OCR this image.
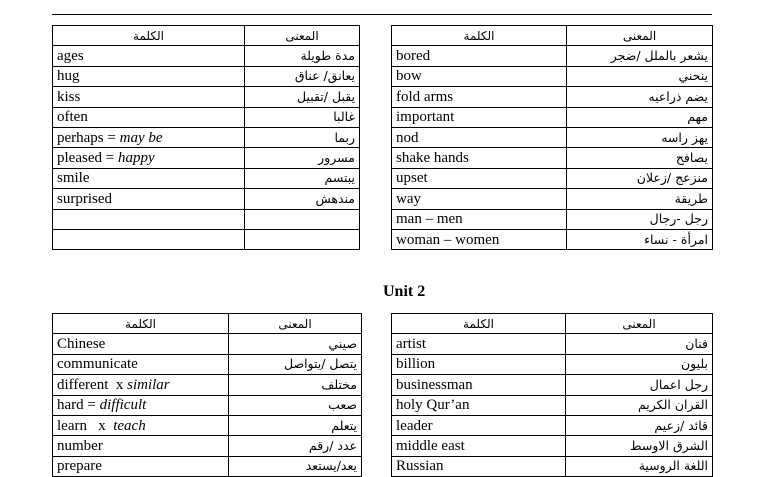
الكلمة	المعنى		الكلمة	المعنى
ages	مدة طويلة		bored	يشعر بالملل /ضجر
hug	يعانق/ عناق		bow	ينحني
kiss	يقبل /تقبيل		fold arms	يضم ذراعيه
often	غالبا		important	مهم
perhaps = may be	ربما		nod	يهز راسه
pleased = happy	مسرور		shake hands	يصافح
smile	يبتسم		upset	منزعج /زعلان
surprised	مندهش		way	طريقة
			man – men	رجل -رجال
			woman – women	امرأة - نساء
Unit 2
الكلمة	المعنى		الكلمة	المعنى
Chinese	صيني		artist	فنان
communicate	يتصل /يتواصل		billion	بليون
different  x similar	مختلف		businessman	رجل اعمال
hard = difficult	صعب		holy Qur’an	القران الكريم
learn   x  teach	يتعلم		leader	قائد /زعيم
number	عدد /رقم		middle east	الشرق الاوسط
prepare	يعد/يستعد		Russian	اللغة الروسية
